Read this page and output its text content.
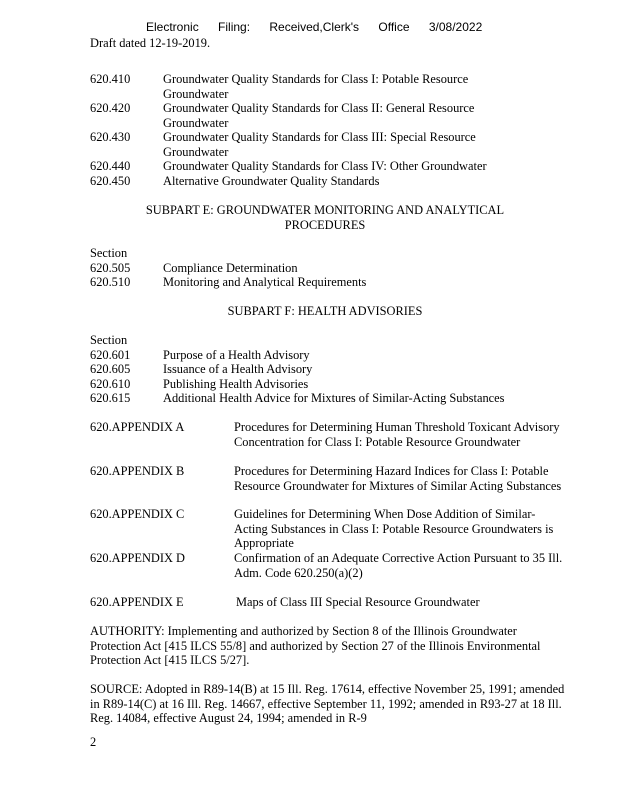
Electronic Filing: Received,Clerk's Office 3/08/2022
Draft dated 12-19-2019.
620.410	Groundwater Quality Standards for Class I: Potable Resource Groundwater
620.420	Groundwater Quality Standards for Class II: General Resource Groundwater
620.430	Groundwater Quality Standards for Class III: Special Resource Groundwater
620.440	Groundwater Quality Standards for Class IV: Other Groundwater
620.450	Alternative Groundwater Quality Standards
SUBPART E: GROUNDWATER MONITORING AND ANALYTICAL PROCEDURES
Section
620.505	Compliance Determination
620.510	Monitoring and Analytical Requirements
SUBPART F: HEALTH ADVISORIES
Section
620.601	Purpose of a Health Advisory
620.605	Issuance of a Health Advisory
620.610	Publishing Health Advisories
620.615	Additional Health Advice for Mixtures of Similar-Acting Substances
620.APPENDIX A	Procedures for Determining Human Threshold Toxicant Advisory Concentration for Class I: Potable Resource Groundwater
620.APPENDIX B	Procedures for Determining Hazard Indices for Class I: Potable Resource Groundwater for Mixtures of Similar Acting Substances
620.APPENDIX C	Guidelines for Determining When Dose Addition of Similar-Acting Substances in Class I: Potable Resource Groundwaters is Appropriate
620.APPENDIX D	Confirmation of an Adequate Corrective Action Pursuant to 35 Ill. Adm. Code 620.250(a)(2)
620.APPENDIX E	Maps of Class III Special Resource Groundwater

AUTHORITY: Implementing and authorized by Section 8 of the Illinois Groundwater Protection Act [415 ILCS 55/8] and authorized by Section 27 of the Illinois Environmental Protection Act [415 ILCS 5/27].
SOURCE: Adopted in R89-14(B) at 15 Ill. Reg. 17614, effective November 25, 1991; amended in R89-14(C) at 16 Ill. Reg. 14667, effective September 11, 1992; amended in R93-27 at 18 Ill. Reg. 14084, effective August 24, 1994; amended in R-9
2
